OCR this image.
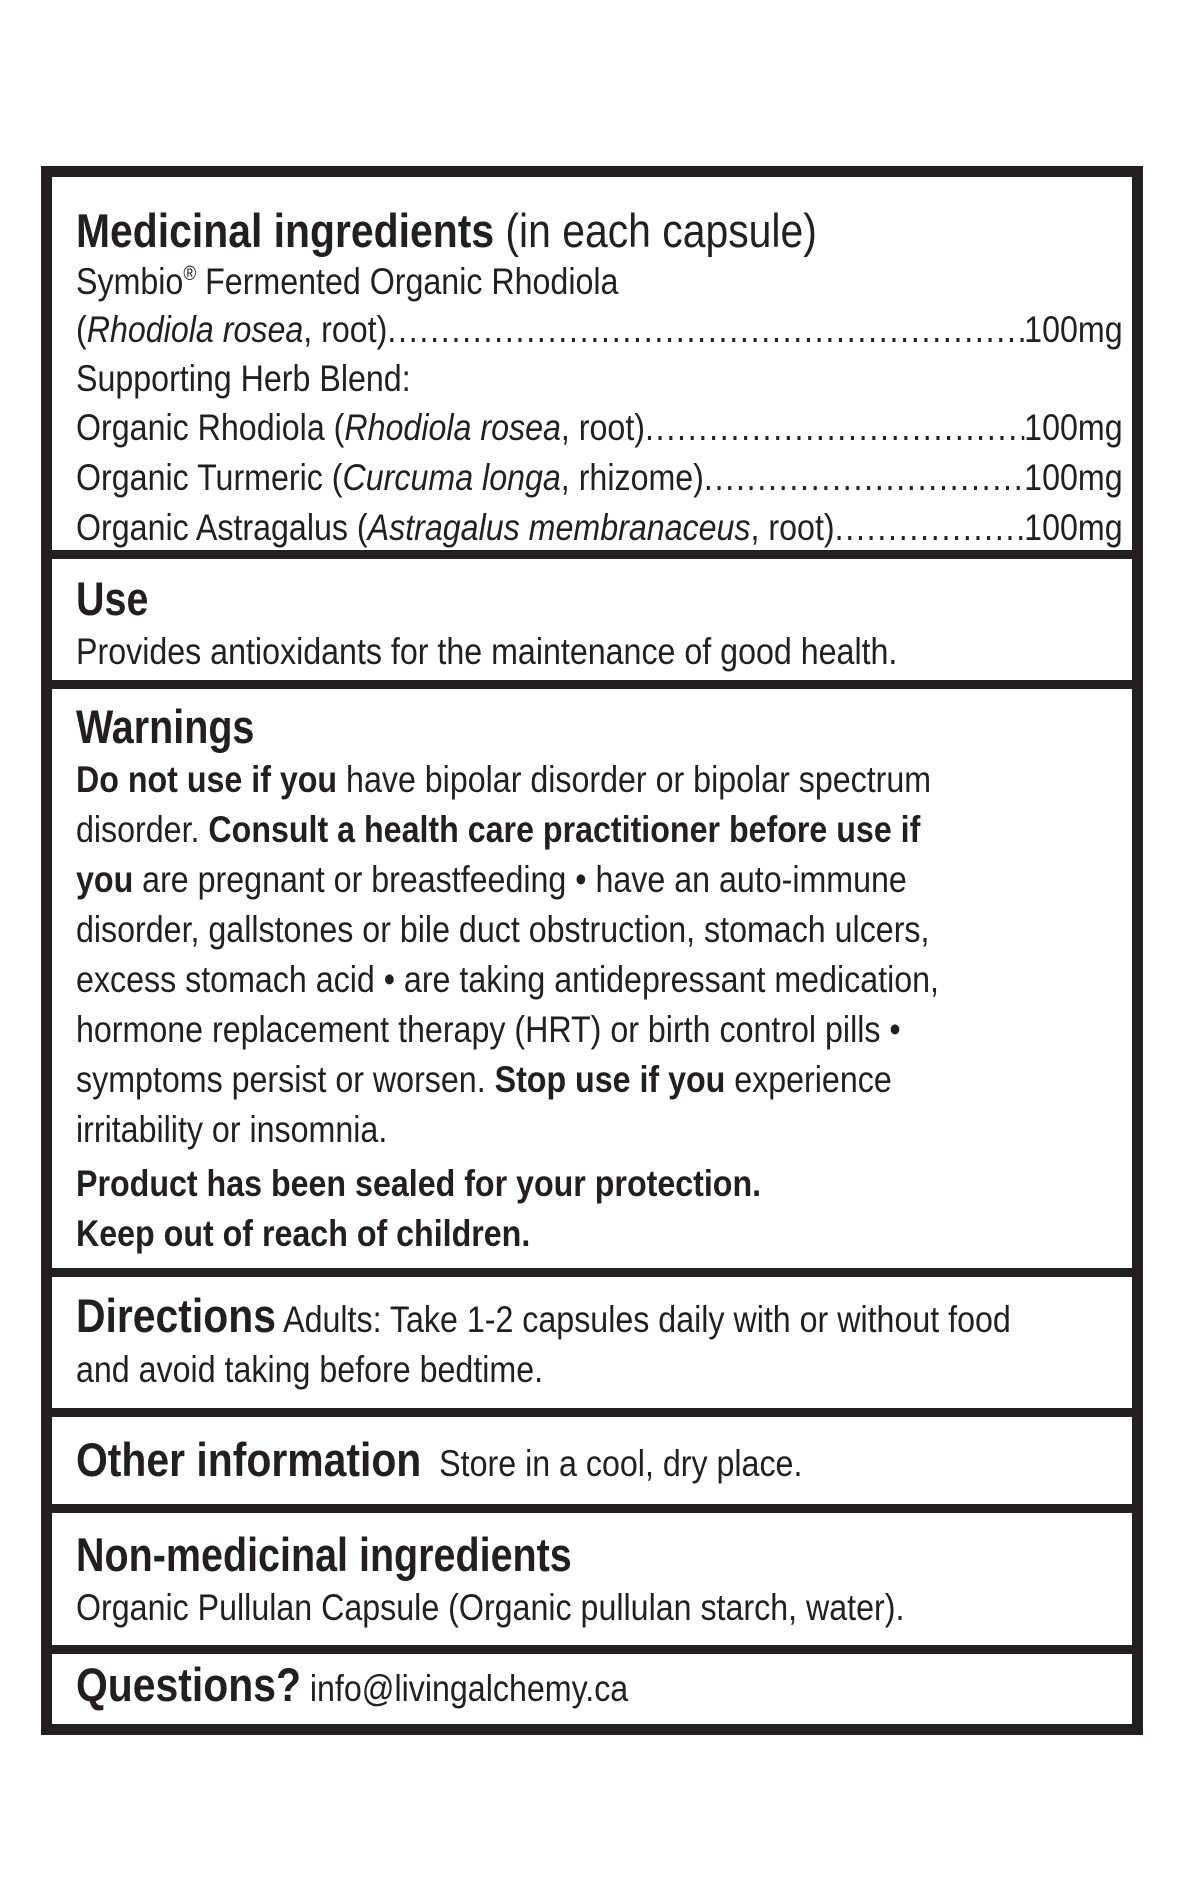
Medicinal ingredients (in each capsule)
Symbio® Fermented Organic Rhodiola
( Rhodiola rosea , root) .....	100mg
Supporting Herb Blend:
Organic Rhodiola ( Rhodiola rosea , root) .....	100mg
Organic Turmeric ( Curcuma longa , rhizome) .....	100mg
Organic Astragalus ( Astragalus membranaceus , root) .....	100mg
Use
Provides antioxidants for the maintenance of good health.
Warnings
Do not use if you have bipolar disorder or bipolar spectrum
disorder. Consult a health care practitioner before use if
you are pregnant or breastfeeding • have an auto-immune
disorder, gallstones or bile duct obstruction, stomach ulcers,
excess stomach acid • are taking antidepressant medication,
hormone replacement therapy (HRT) or birth control pills •
symptoms persist or worsen. Stop use if you experience
irritability or insomnia.
Product has been sealed for your protection.
Keep out of reach of children.
Directions Adults: Take 1-2 capsules daily with or without food
and avoid taking before bedtime.
Other information  Store in a cool, dry place.
Non-medicinal ingredients
Organic Pullulan Capsule (Organic pullulan starch, water).
Questions? info@livingalchemy.ca
